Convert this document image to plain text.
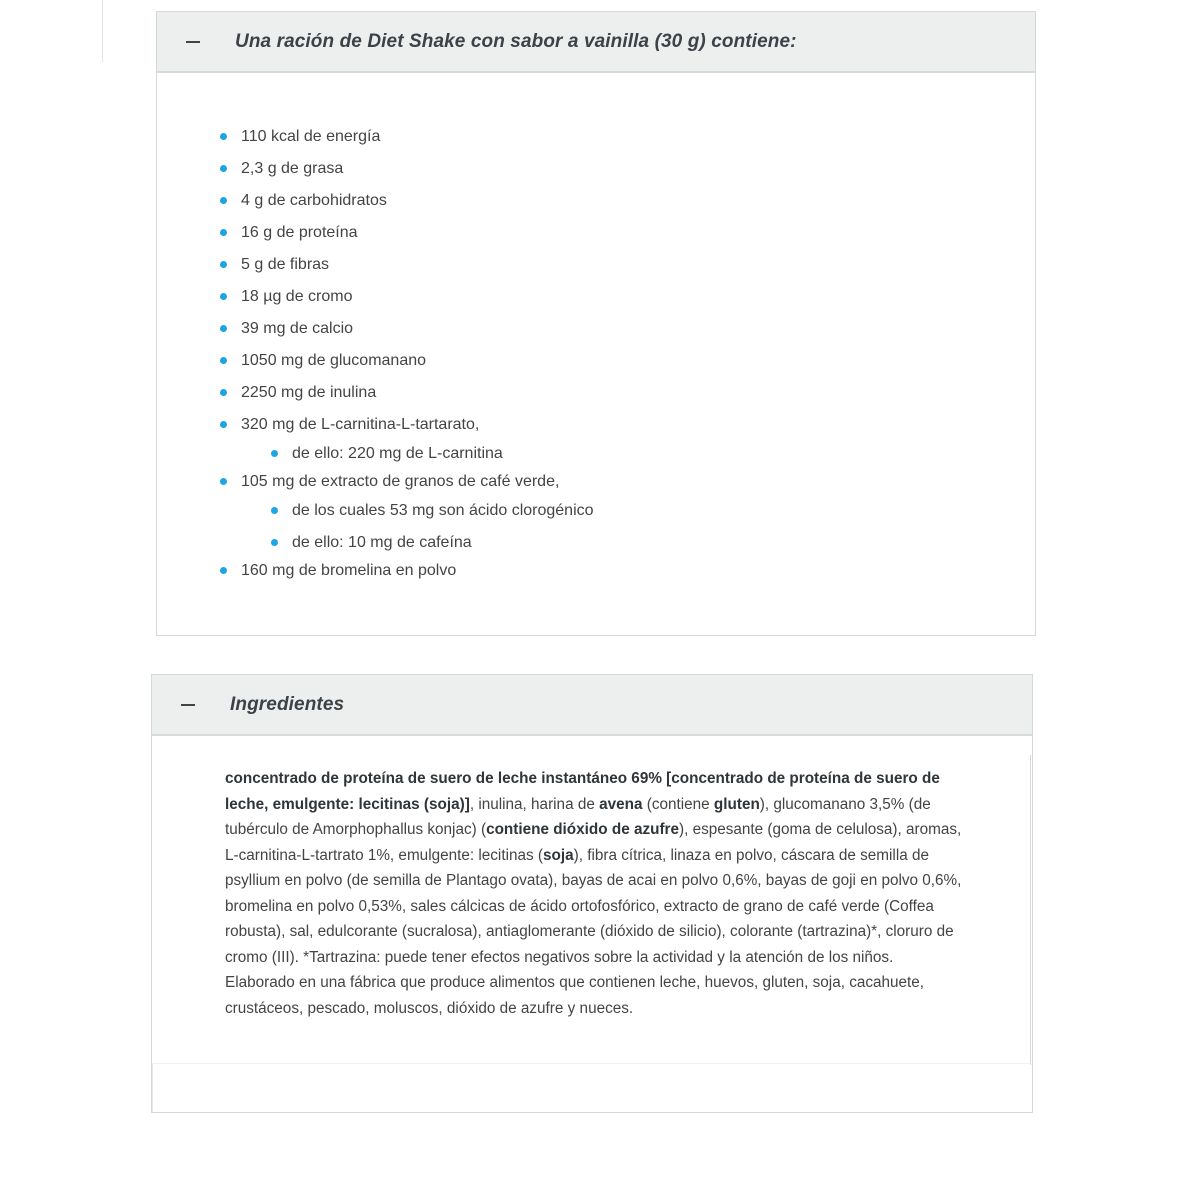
Una ración de Diet Shake con sabor a vainilla (30 g) contiene:
110 kcal de energía
2,3 g de grasa
4 g de carbohidratos
16 g de proteína
5 g de fibras
18 µg de cromo
39 mg de calcio
1050 mg de glucomanano
2250 mg de inulina
320 mg de L-carnitina-L-tartarato,
de ello: 220 mg de L-carnitina
105 mg de extracto de granos de café verde,
de los cuales 53 mg son ácido clorogénico
de ello: 10 mg de cafeína
160 mg de bromelina en polvo
Ingredientes

concentrado de proteína de suero de leche instantáneo 69% [concentrado de proteína de suero de leche, emulgente: lecitinas (soja)], inulina, harina de avena (contiene gluten), glucomanano 3,5% (de tubérculo de Amorphophallus konjac) (contiene dióxido de azufre), espesante (goma de celulosa), aromas, L-carnitina-L-tartrato 1%, emulgente: lecitinas (soja), fibra cítrica, linaza en polvo, cáscara de semilla de psyllium en polvo (de semilla de Plantago ovata), bayas de acai en polvo 0,6%, bayas de goji en polvo 0,6%, bromelina en polvo 0,53%, sales cálcicas de ácido ortofosfórico, extracto de grano de café verde (Coffea robusta), sal, edulcorante (sucralosa), antiaglomerante (dióxido de silicio), colorante (tartrazina)*, cloruro de cromo (III). *Tartrazina: puede tener efectos negativos sobre la actividad y la atención de los niños. Elaborado en una fábrica que produce alimentos que contienen leche, huevos, gluten, soja, cacahuete, crustáceos, pescado, moluscos, dióxido de azufre y nueces.
